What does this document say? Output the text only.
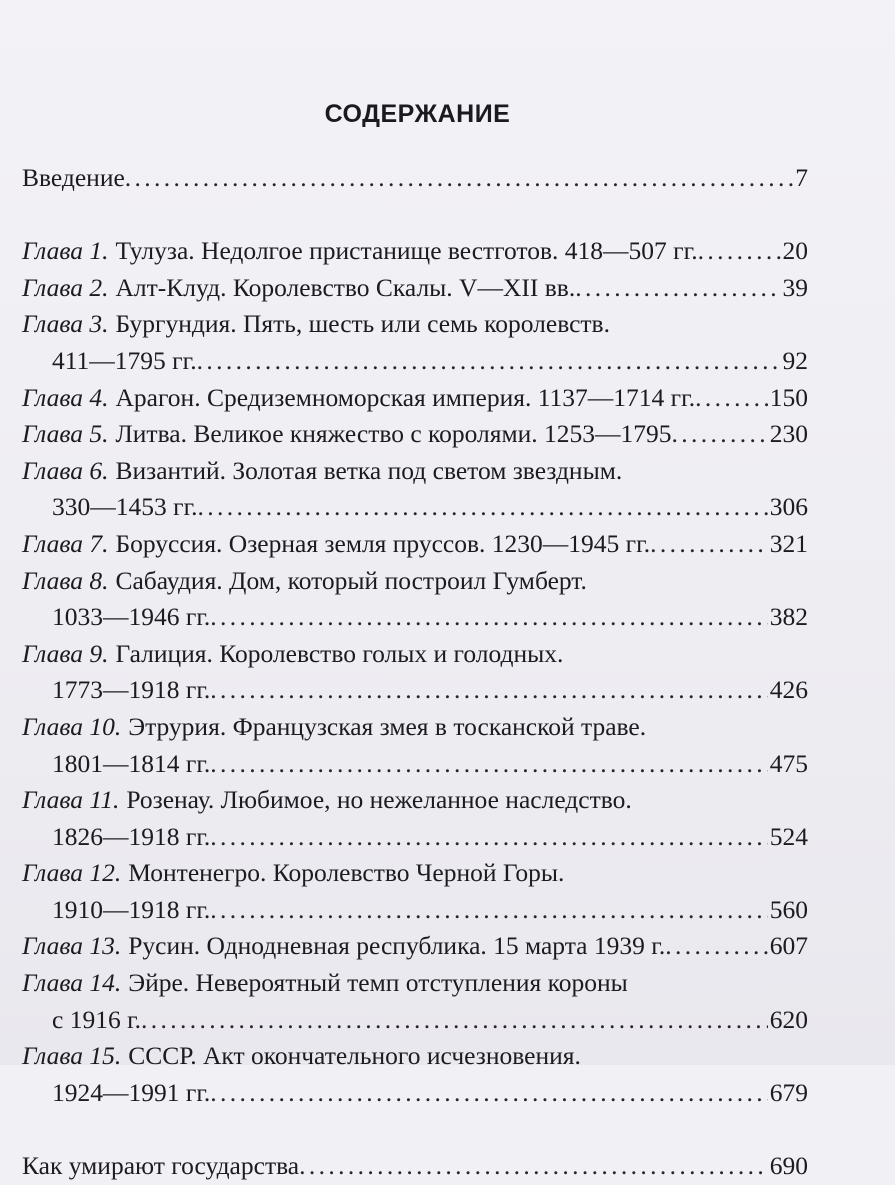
СОДЕРЖАНИЕ
Введение . . .	7
Глава 1. Тулуза. Недолгое пристанище вестготов. 418—507 гг. . . .	20
Глава 2. Алт-Клуд. Королевство Скалы. V—XII вв. . . .	39
Глава 3. Бургундия. Пять, шесть или семь королевств.
411—1795 гг. . . .	92
Глава 4. Арагон. Средиземноморская империя. 1137—1714 гг. . . .	150
Глава 5. Литва. Великое княжество с королями. 1253—1795 . . .	230
Глава 6. Византий. Золотая ветка под светом звездным.
330—1453 гг. . . .	306
Глава 7. Боруссия. Озерная земля пруссов. 1230—1945 гг. . . .	321
Глава 8. Сабаудия. Дом, который построил Гумберт.
1033—1946 гг. . . .	382
Глава 9. Галиция. Королевство голых и голодных.
1773—1918 гг. . . .	426
Глава 10. Этрурия. Французская змея в тосканской траве.
1801—1814 гг. . . .	475
Глава 11. Розенау. Любимое, но нежеланное наследство.
1826—1918 гг. . . .	524
Глава 12. Монтенегро. Королевство Черной Горы.
1910—1918 гг. . . .	560
Глава 13. Русин. Однодневная республика. 15 марта 1939 г. . . .	607
Глава 14. Эйре. Невероятный темп отступления короны
с 1916 г. . . .	620
Глава 15. СССР. Акт окончательного исчезновения.
1924—1991 гг. . . .	679
Как умирают государства . . .	690
